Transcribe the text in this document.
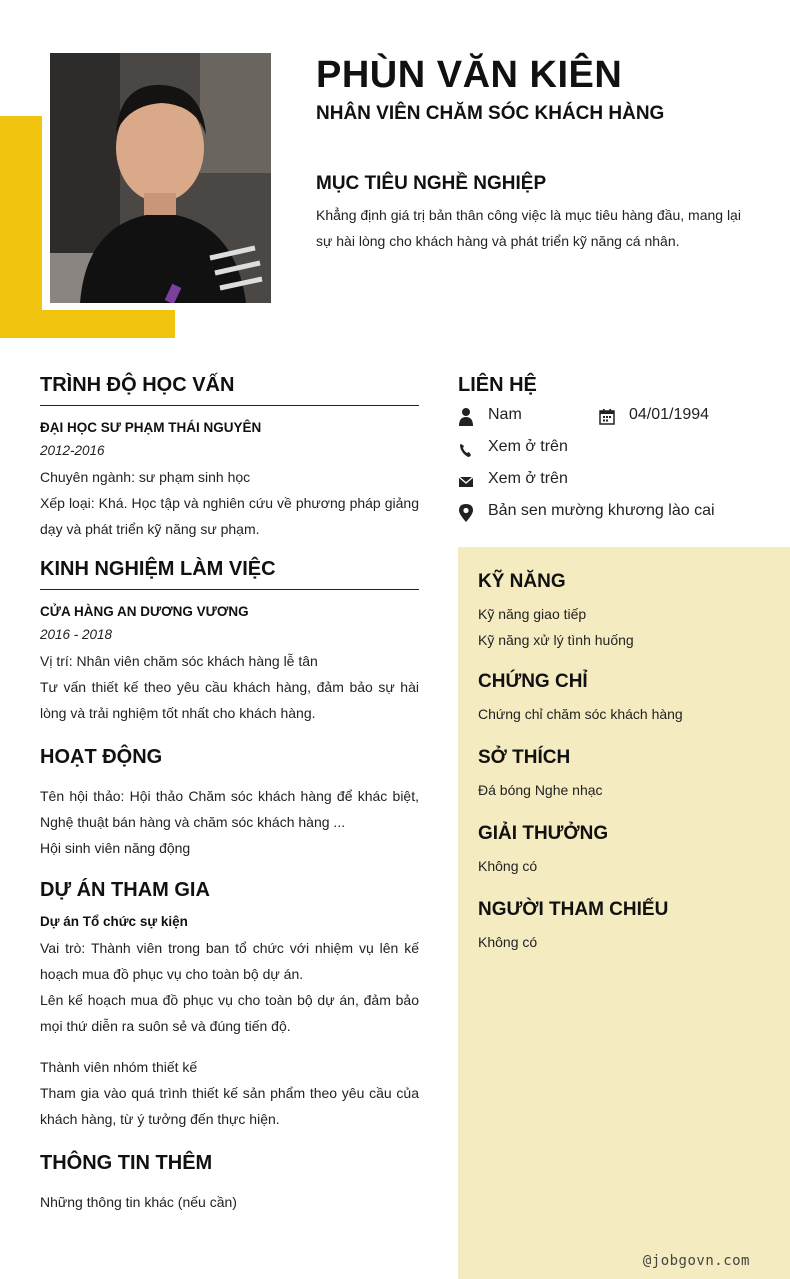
PHÙN VĂN KIÊN
NHÂN VIÊN CHĂM SÓC KHÁCH HÀNG
MỤC TIÊU NGHỀ NGHIỆP
Khẳng định giá trị bản thân công việc là mục tiêu hàng đầu, mang lại sự hài lòng cho khách hàng và phát triển kỹ năng cá nhân.
TRÌNH ĐỘ HỌC VẤN
ĐẠI HỌC SƯ PHẠM THÁI NGUYÊN
2012-2016
Chuyên ngành: sư phạm sinh học
Xếp loại: Khá. Học tập và nghiên cứu về phương pháp giảng dạy và phát triển kỹ năng sư phạm.
KINH NGHIỆM LÀM VIỆC
CỬA HÀNG AN DƯƠNG VƯƠNG
2016 - 2018
Vị trí: Nhân viên chăm sóc khách hàng lễ tân
Tư vấn thiết kế theo yêu cầu khách hàng, đảm bảo sự hài lòng và trải nghiệm tốt nhất cho khách hàng.
HOẠT ĐỘNG
Tên hội thảo: Hội thảo Chăm sóc khách hàng để khác biệt, Nghệ thuật bán hàng và chăm sóc khách hàng ...
Hội sinh viên năng động
DỰ ÁN THAM GIA
Dự án Tổ chức sự kiện
Vai trò: Thành viên trong ban tổ chức với nhiệm vụ lên kế hoạch mua đồ phục vụ cho toàn bộ dự án.
Lên kế hoạch mua đồ phục vụ cho toàn bộ dự án, đảm bảo mọi thứ diễn ra suôn sẻ và đúng tiến độ.
Thành viên nhóm thiết kế
Tham gia vào quá trình thiết kế sản phẩm theo yêu cầu của khách hàng, từ ý tưởng đến thực hiện.
THÔNG TIN THÊM
Những thông tin khác (nếu cần)
LIÊN HỆ
Nam	04/01/1994
Xem ở trên
Xem ở trên
Bản sen mường khương lào cai
KỸ NĂNG
Kỹ năng giao tiếp
Kỹ năng xử lý tình huống
CHỨNG CHỈ
Chứng chỉ chăm sóc khách hàng
SỞ THÍCH
Đá bóng Nghe nhạc
GIẢI THƯỞNG
Không có
NGƯỜI THAM CHIẾU
Không có
@jobgovn.com
